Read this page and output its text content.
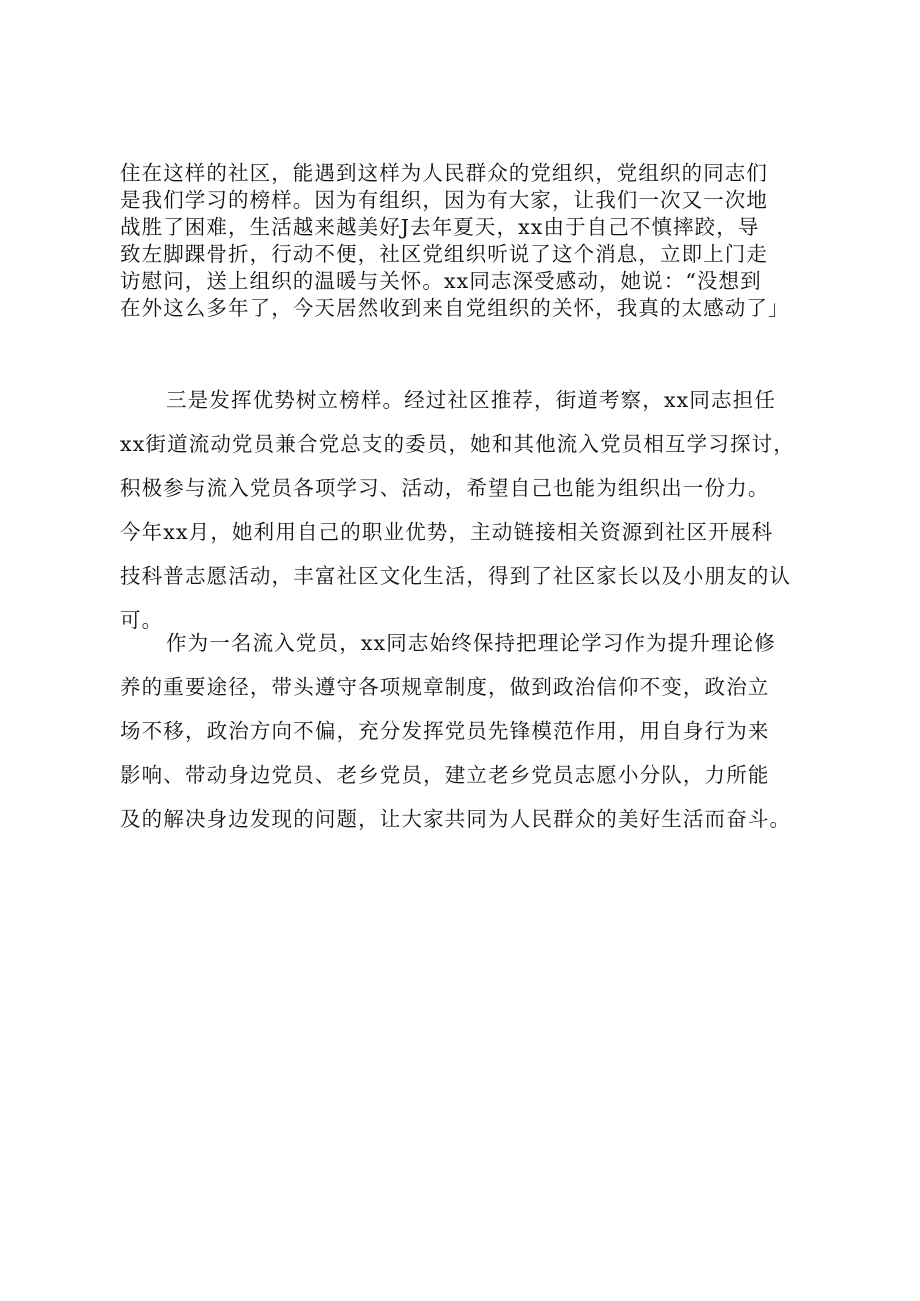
住在这样的社区，能遇到这样为人民群众的党组织，党组织的同志们
是我们学习的榜样。因为有组织，因为有大家，让我们一次又一次地
战胜了困难，生活越来越美好J去年夏天，xx由于自己不慎摔跤，导
致左脚踝骨折，行动不便，社区党组织听说了这个消息，立即上门走
访慰问，送上组织的温暖与关怀。xx同志深受感动，她说：“没想到
在外这么多年了，今天居然收到来自党组织的关怀，我真的太感动了」
三是发挥优势树立榜样。经过社区推荐，街道考察，xx同志担任
xx街道流动党员兼合党总支的委员，她和其他流入党员相互学习探讨，
积极参与流入党员各项学习、活动，希望自己也能为组织出一份力。
今年xx月，她利用自己的职业优势，主动链接相关资源到社区开展科
技科普志愿活动，丰富社区文化生活，得到了社区家长以及小朋友的认
可。
作为一名流入党员，xx同志始终保持把理论学习作为提升理论修
养的重要途径，带头遵守各项规章制度，做到政治信仰不变，政治立
场不移，政治方向不偏，充分发挥党员先锋模范作用，用自身行为来
影响、带动身边党员、老乡党员，建立老乡党员志愿小分队，力所能
及的解决身边发现的问题，让大家共同为人民群众的美好生活而奋斗。
